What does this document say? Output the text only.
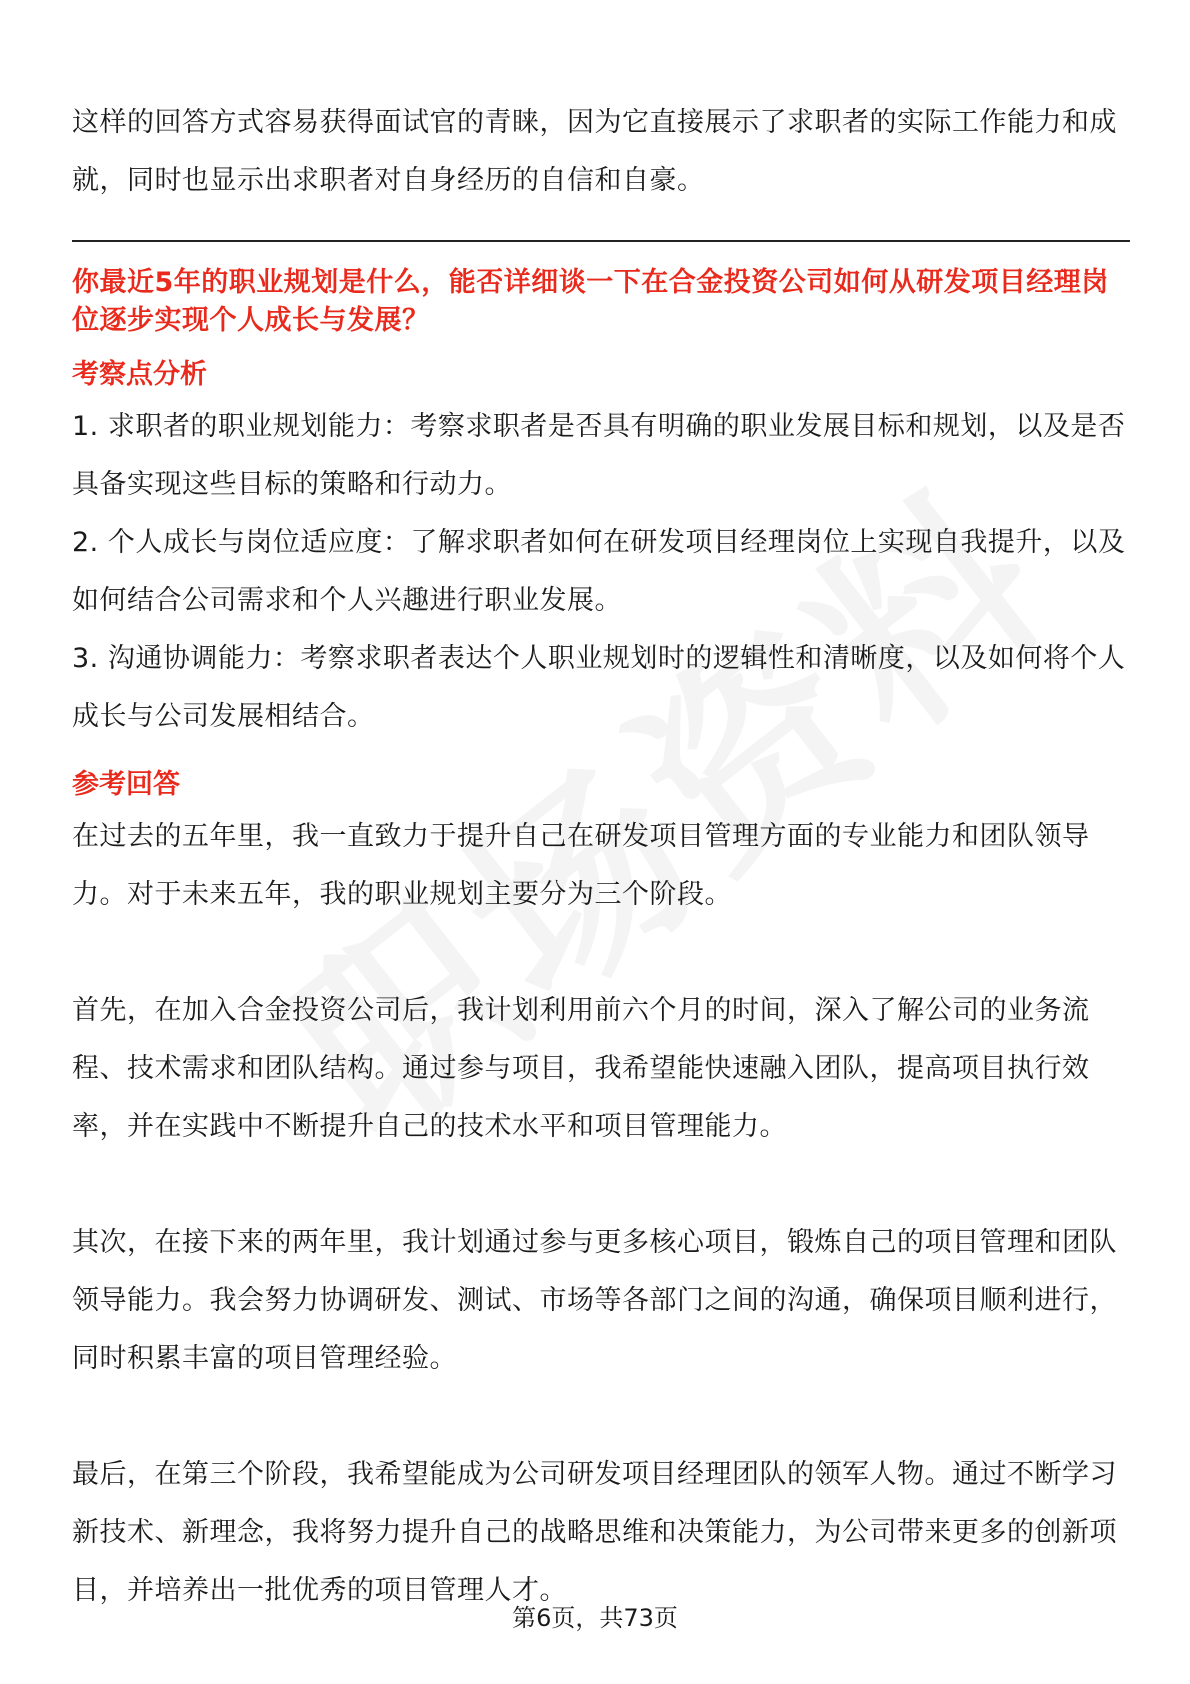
这样的回答方式容易获得面试官的青睐，因为它直接展示了求职者的实际工作能力和成就，同时也显示出求职者对自身经历的自信和自豪。

你最近5年的职业规划是什么，能否详细谈一下在合金投资公司如何从研发项目经理岗位逐步实现个人成长与发展？

考察点分析

1. 求职者的职业规划能力：考察求职者是否具有明确的职业发展目标和规划，以及是否具备实现这些目标的策略和行动力。

2. 个人成长与岗位适应度：了解求职者如何在研发项目经理岗位上实现自我提升，以及如何结合公司需求和个人兴趣进行职业发展。

3. 沟通协调能力：考察求职者表达个人职业规划时的逻辑性和清晰度，以及如何将个人成长与公司发展相结合。

参考回答

在过去的五年里，我一直致力于提升自己在研发项目管理方面的专业能力和团队领导力。对于未来五年，我的职业规划主要分为三个阶段。

首先，在加入合金投资公司后，我计划利用前六个月的时间，深入了解公司的业务流程、技术需求和团队结构。通过参与项目，我希望能快速融入团队，提高项目执行效率，并在实践中不断提升自己的技术水平和项目管理能力。

其次，在接下来的两年里，我计划通过参与更多核心项目，锻炼自己的项目管理和团队领导能力。我会努力协调研发、测试、市场等各部门之间的沟通，确保项目顺利进行，同时积累丰富的项目管理经验。

最后，在第三个阶段，我希望能成为公司研发项目经理团队的领军人物。通过不断学习新技术、新理念，我将努力提升自己的战略思维和决策能力，为公司带来更多的创新项目，并培养出一批优秀的项目管理人才。

第6页，共73页
